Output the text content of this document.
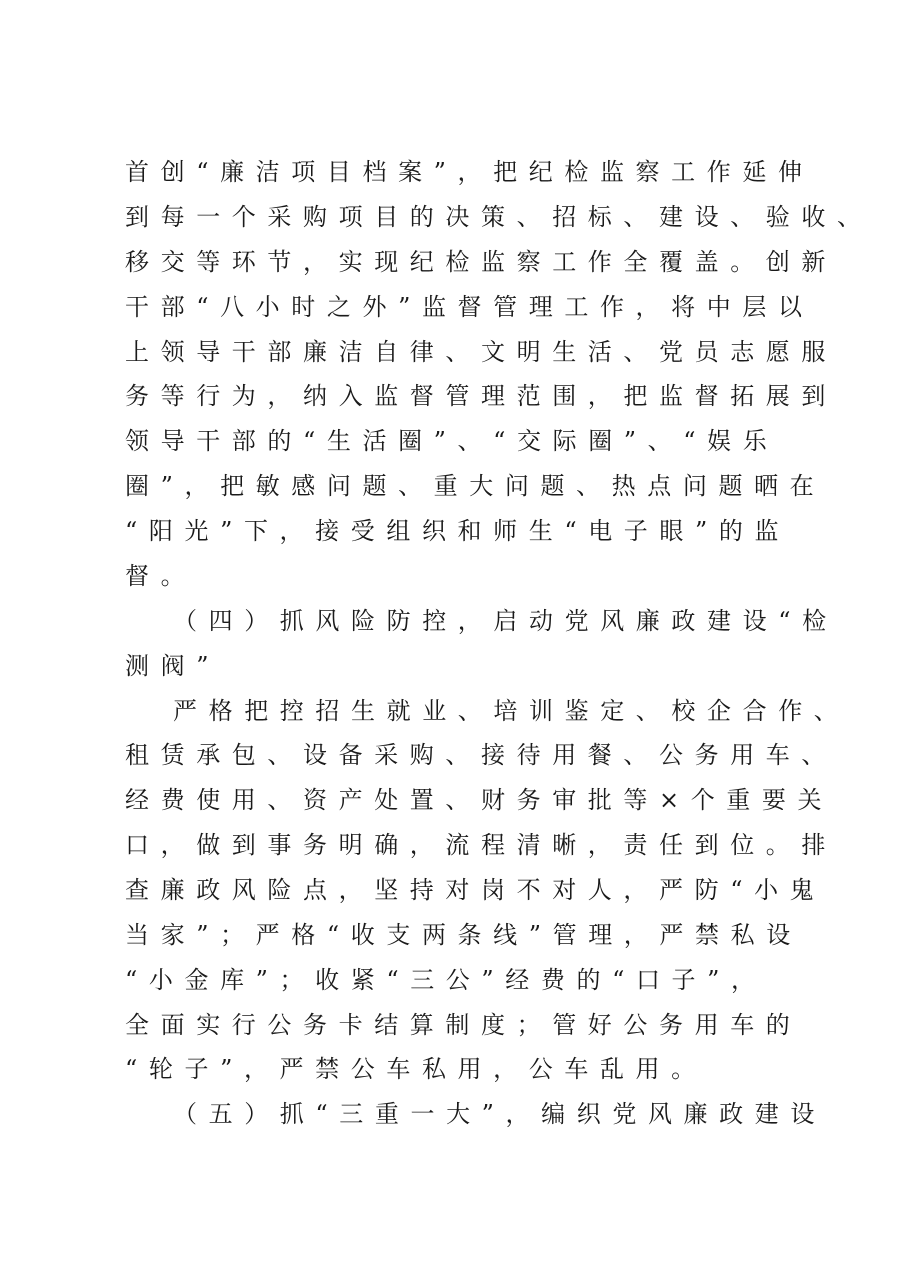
首创“廉洁项目档案”，把纪检监察工作延伸
到每一个采购项目的决策、招标、建设、验收、
移交等环节，实现纪检监察工作全覆盖。创新
干部“八小时之外”监督管理工作，将中层以
上领导干部廉洁自律、文明生活、党员志愿服
务等行为，纳入监督管理范围，把监督拓展到
领导干部的“生活圈”、“交际圈”、“娱乐
圈”，把敏感问题、重大问题、热点问题晒在
“阳光”下，接受组织和师生“电子眼”的监
督。
（四）抓风险防控，启动党风廉政建设“检
测阀”
严格把控招生就业、培训鉴定、校企合作、
租赁承包、设备采购、接待用餐、公务用车、
经费使用、资产处置、财务审批等×个重要关
口，做到事务明确，流程清晰，责任到位。排
查廉政风险点，坚持对岗不对人，严防“小鬼
当家”；严格“收支两条线”管理，严禁私设
“小金库”；收紧“三公”经费的“口子”，
全面实行公务卡结算制度；管好公务用车的
“轮子”，严禁公车私用，公车乱用。
（五）抓“三重一大”，编织党风廉政建设
